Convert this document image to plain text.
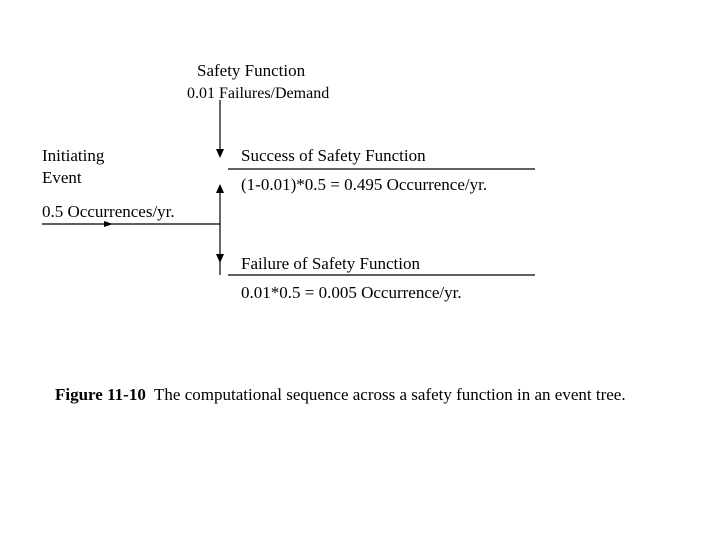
Safety Function
0.01 Failures/Demand
Initiating
Event
0.5 Occurrences/yr.
Success of Safety Function
(1-0.01)*0.5 = 0.495 Occurrence/yr.
Failure of Safety Function
0.01*0.5 = 0.005 Occurrence/yr.
Figure 11-10 The computational sequence across a safety function in an event tree.
